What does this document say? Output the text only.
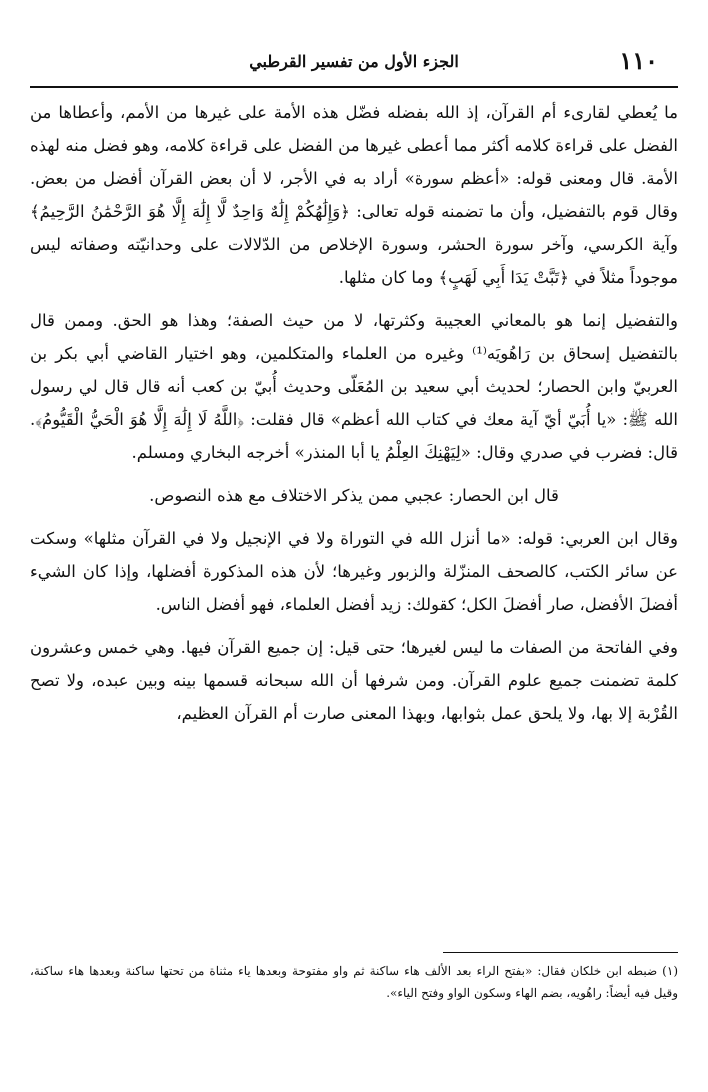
١١٠
الجزء الأول من تفسير القرطبي

ما يُعطي لقارىء أم القرآن، إذ الله بفضله فضّل هذه الأمة على غيرها من الأمم، وأعطاها من الفضل على قراءة كلامه أكثر مما أعطى غيرها من الفضل على قراءة كلامه، وهو فضل منه لهذه الأمة. قال ومعنى قوله: «أعظم سورة» أراد به في الأجر، لا أن بعض القرآن أفضل من بعض. وقال قوم بالتفضيل، وأن ما تضمنه قوله تعالى: ﴿وَإِلَٰهُكُمْ إِلَٰهٌ وَاحِدٌ لَّا إِلَٰهَ إِلَّا هُوَ الرَّحْمَٰنُ الرَّحِيمُ﴾ وآية الكرسي، وآخر سورة الحشر، وسورة الإخلاص من الدّلالات على وحدانيّته وصفاته ليس موجوداً مثلاً في ﴿تَبَّتْ يَدَا أَبِي لَهَبٍ﴾ وما كان مثلها.

والتفضيل إنما هو بالمعاني العجيبة وكثرتها، لا من حيث الصفة؛ وهذا هو الحق. وممن قال بالتفضيل إسحاق بن رَاهُويَه⁽¹⁾ وغيره من العلماء والمتكلمين، وهو اختيار القاضي أبي بكر بن العربيّ وابن الحصار؛ لحديث أبي سعيد بن المُعَلّى وحديث أُبيّ بن كعب أنه قال قال لي رسول الله ﷺ: «يا أُبَيّ أيّ آية معك في كتاب الله أعظم» قال فقلت: ﴿اللَّهُ لَا إِلَٰهَ إِلَّا هُوَ الْحَيُّ الْقَيُّومُ﴾. قال: فضرب في صدري وقال: «لِيَهْنِكَ العِلْمُ يا أبا المنذر» أخرجه البخاري ومسلم.

قال ابن الحصار: عجبي ممن يذكر الاختلاف مع هذه النصوص.

وقال ابن العربي: قوله: «ما أنزل الله في التوراة ولا في الإنجيل ولا في القرآن مثلها» وسكت عن سائر الكتب، كالصحف المنزّلة والزبور وغيرها؛ لأن هذه المذكورة أفضلها، وإذا كان الشيء أفضلَ الأفضل، صار أفضلَ الكل؛ كقولك: زيد أفضل العلماء، فهو أفضل الناس.

وفي الفاتحة من الصفات ما ليس لغيرها؛ حتى قيل: إن جميع القرآن فيها. وهي خمس وعشرون كلمة تضمنت جميع علوم القرآن. ومن شرفها أن الله سبحانه قسمها بينه وبين عبده، ولا تصح القُرْبة إلا بها، ولا يلحق عمل بثوابها، وبهذا المعنى صارت أم القرآن العظيم،

(١) ضبطه ابن خلكان فقال: «بفتح الراء بعد الألف هاء ساكنة ثم واو مفتوحة وبعدها ياء مثناة من تحتها ساكنة وبعدها هاء ساكنة، وقيل فيه أيضاً: راهُويه، بضم الهاء وسكون الواو وفتح الياء».
